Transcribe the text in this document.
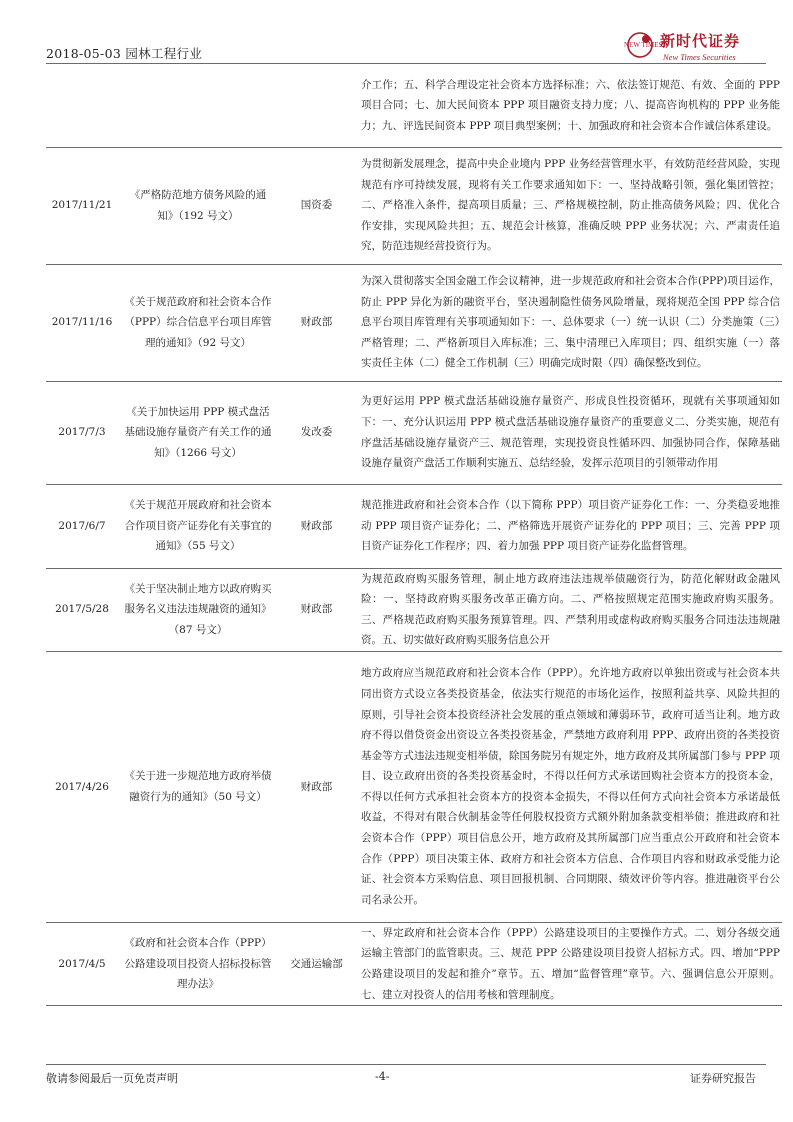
2018-05-03 园林工程行业
NEW TIMES
新时代证券
New Times Securities
			介工作；五、科学合理设定社会资本方选择标准；六、依法签订规范、有效、全面的 PPP 项目合同；七、加大民间资本 PPP 项目融资支持力度；八、提高咨询机构的 PPP 业务能力；九、评选民间资本 PPP 项目典型案例；十、加强政府和社会资本合作诚信体系建设。
2017/11/21	《严格防范地方债务风险的通知》（192 号文）	国资委	为贯彻新发展理念，提高中央企业境内 PPP 业务经营管理水平，有效防范经营风险，实现规范有序可持续发展，现将有关工作要求通知如下：一、坚持战略引领，强化集团管控；二、严格准入条件，提高项目质量；三、严格规模控制，防止推高债务风险；四、优化合作安排，实现风险共担；五、规范会计核算，准确反映 PPP 业务状况；六、严肃责任追究，防范违规经营投资行为。
2017/11/16	《关于规范政府和社会资本合作（PPP）综合信息平台项目库管理的通知》（92 号文）	财政部	为深入贯彻落实全国金融工作会议精神，进一步规范政府和社会资本合作(PPP)项目运作，防止 PPP 异化为新的融资平台，坚决遏制隐性债务风险增量，现将规范全国 PPP 综合信息平台项目库管理有关事项通知如下：一、总体要求（一）统一认识（二）分类施策（三）严格管理；二、严格新项目入库标准；三、集中清理已入库项目；四、组织实施（一）落实责任主体（二）健全工作机制（三）明确完成时限（四）确保整改到位。
2017/7/3	《关于加快运用 PPP 模式盘活基础设施存量资产有关工作的通知》（1266 号文）	发改委	为更好运用 PPP 模式盘活基础设施存量资产、形成良性投资循环，现就有关事项通知如下：一、充分认识运用 PPP 模式盘活基础设施存量资产的重要意义二、分类实施，规范有序盘活基础设施存量资产三、规范管理，实现投资良性循环四、加强协同合作，保障基础设施存量资产盘活工作顺利实施五、总结经验，发挥示范项目的引领带动作用
2017/6/7	《关于规范开展政府和社会资本合作项目资产证券化有关事宜的通知》（55 号文）	财政部	规范推进政府和社会资本合作（以下简称 PPP）项目资产证券化工作：一、分类稳妥地推动 PPP 项目资产证券化；二、严格筛选开展资产证券化的 PPP 项目；三、完善 PPP 项目资产证券化工作程序；四、着力加强 PPP 项目资产证券化监督管理。
2017/5/28	《关于坚决制止地方以政府购买服务名义违法违规融资的通知》（87 号文）	财政部	为规范政府购买服务管理，制止地方政府违法违规举债融资行为，防范化解财政金融风险：一、坚持政府购买服务改革正确方向。二、严格按照规定范围实施政府购买服务。三、严格规范政府购买服务预算管理。四、严禁利用或虚构政府购买服务合同违法违规融资。五、切实做好政府购买服务信息公开
2017/4/26	《关于进一步规范地方政府举债融资行为的通知》（50 号文）	财政部	地方政府应当规范政府和社会资本合作（PPP）。允许地方政府以单独出资或与社会资本共同出资方式设立各类投资基金，依法实行规范的市场化运作，按照利益共享、风险共担的原则，引导社会资本投资经济社会发展的重点领域和薄弱环节，政府可适当让利。地方政府不得以借贷资金出资设立各类投资基金，严禁地方政府利用 PPP、政府出资的各类投资基金等方式违法违规变相举债，除国务院另有规定外，地方政府及其所属部门参与 PPP 项目、设立政府出资的各类投资基金时，不得以任何方式承诺回购社会资本方的投资本金，不得以任何方式承担社会资本方的投资本金损失，不得以任何方式向社会资本方承诺最低收益，不得对有限合伙制基金等任何股权投资方式额外附加条款变相举债；推进政府和社会资本合作（PPP）项目信息公开，地方政府及其所属部门应当重点公开政府和社会资本合作（PPP）项目决策主体、政府方和社会资本方信息、合作项目内容和财政承受能力论证、社会资本方采购信息、项目回报机制、合同期限、绩效评价等内容。推进融资平台公司名录公开。
2017/4/5	《政府和社会资本合作（PPP）公路建设项目投资人招标投标管理办法》	交通运输部	一、界定政府和社会资本合作（PPP）公路建设项目的主要操作方式。二、划分各级交通运输主管部门的监管职责。三、规范 PPP 公路建设项目投资人招标方式。四、增加“PPP 公路建设项目的发起和推介”章节。五、增加“监督管理”章节。六、强调信息公开原则。七、建立对投资人的信用考核和管理制度。
敬请参阅最后一页免责声明	-4-	证券研究报告
